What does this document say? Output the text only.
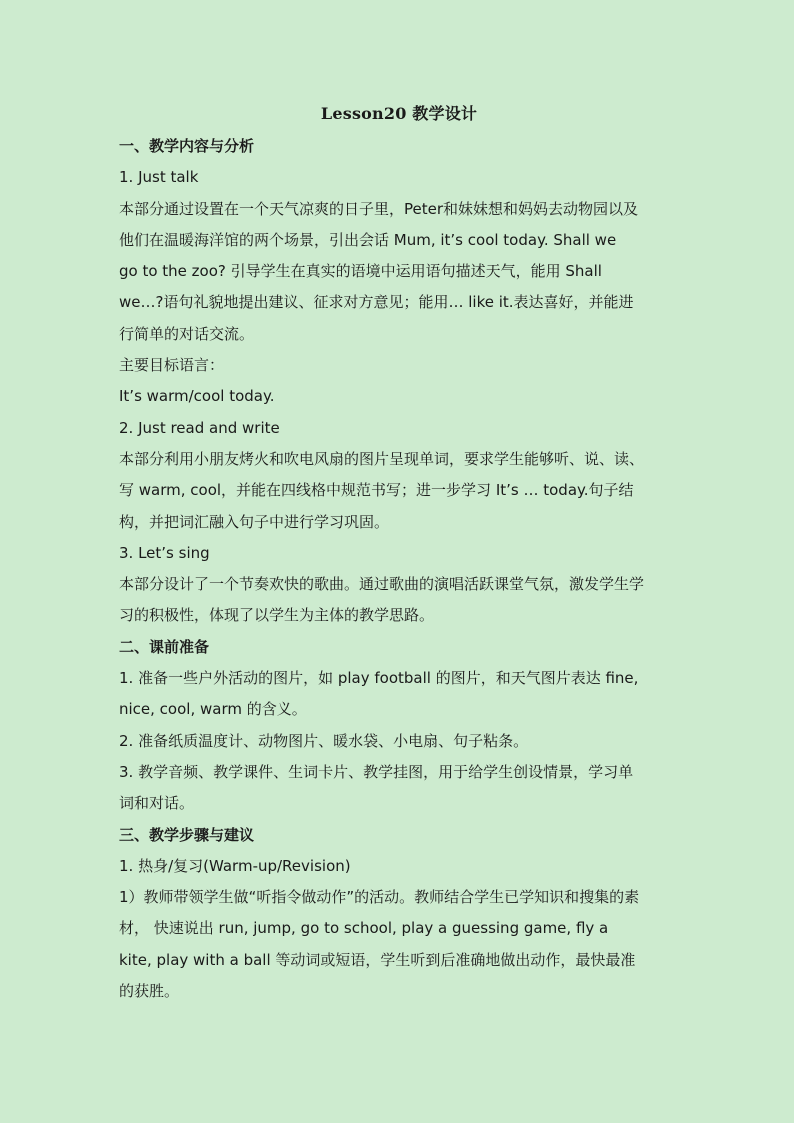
Lesson20 教学设计
一、教学内容与分析
1. Just talk
本部分通过设置在一个天气凉爽的日子里，Peter和妹妹想和妈妈去动物园以及
他们在温暖海洋馆的两个场景，引出会话 Mum, it’s cool today. Shall we
go to the zoo? 引导学生在真实的语境中运用语句描述天气，能用 Shall
we…?语句礼貌地提出建议、征求对方意见；能用… like it.表达喜好，并能进
行简单的对话交流。
主要目标语言：
It’s warm/cool today.
2. Just read and write
本部分利用小朋友烤火和吹电风扇的图片呈现单词，要求学生能够听、说、读、
写 warm, cool，并能在四线格中规范书写；进一步学习 It’s … today.句子结
构，并把词汇融入句子中进行学习巩固。
3. Let’s sing
本部分设计了一个节奏欢快的歌曲。通过歌曲的演唱活跃课堂气氛，激发学生学
习的积极性，体现了以学生为主体的教学思路。
二、课前准备
1. 准备一些户外活动的图片，如 play football 的图片，和天气图片表达 fine,
nice, cool, warm 的含义。
2. 准备纸质温度计、动物图片、暖水袋、小电扇、句子粘条。
3. 教学音频、教学课件、生词卡片、教学挂图，用于给学生创设情景，学习单
词和对话。
三、教学步骤与建议
1. 热身/复习(Warm-up/Revision)
1）教师带领学生做“听指令做动作”的活动。教师结合学生已学知识和搜集的素
材， 快速说出 run, jump, go to school, play a guessing game, fly a
kite, play with a ball 等动词或短语，学生听到后准确地做出动作，最快最准
的获胜。
